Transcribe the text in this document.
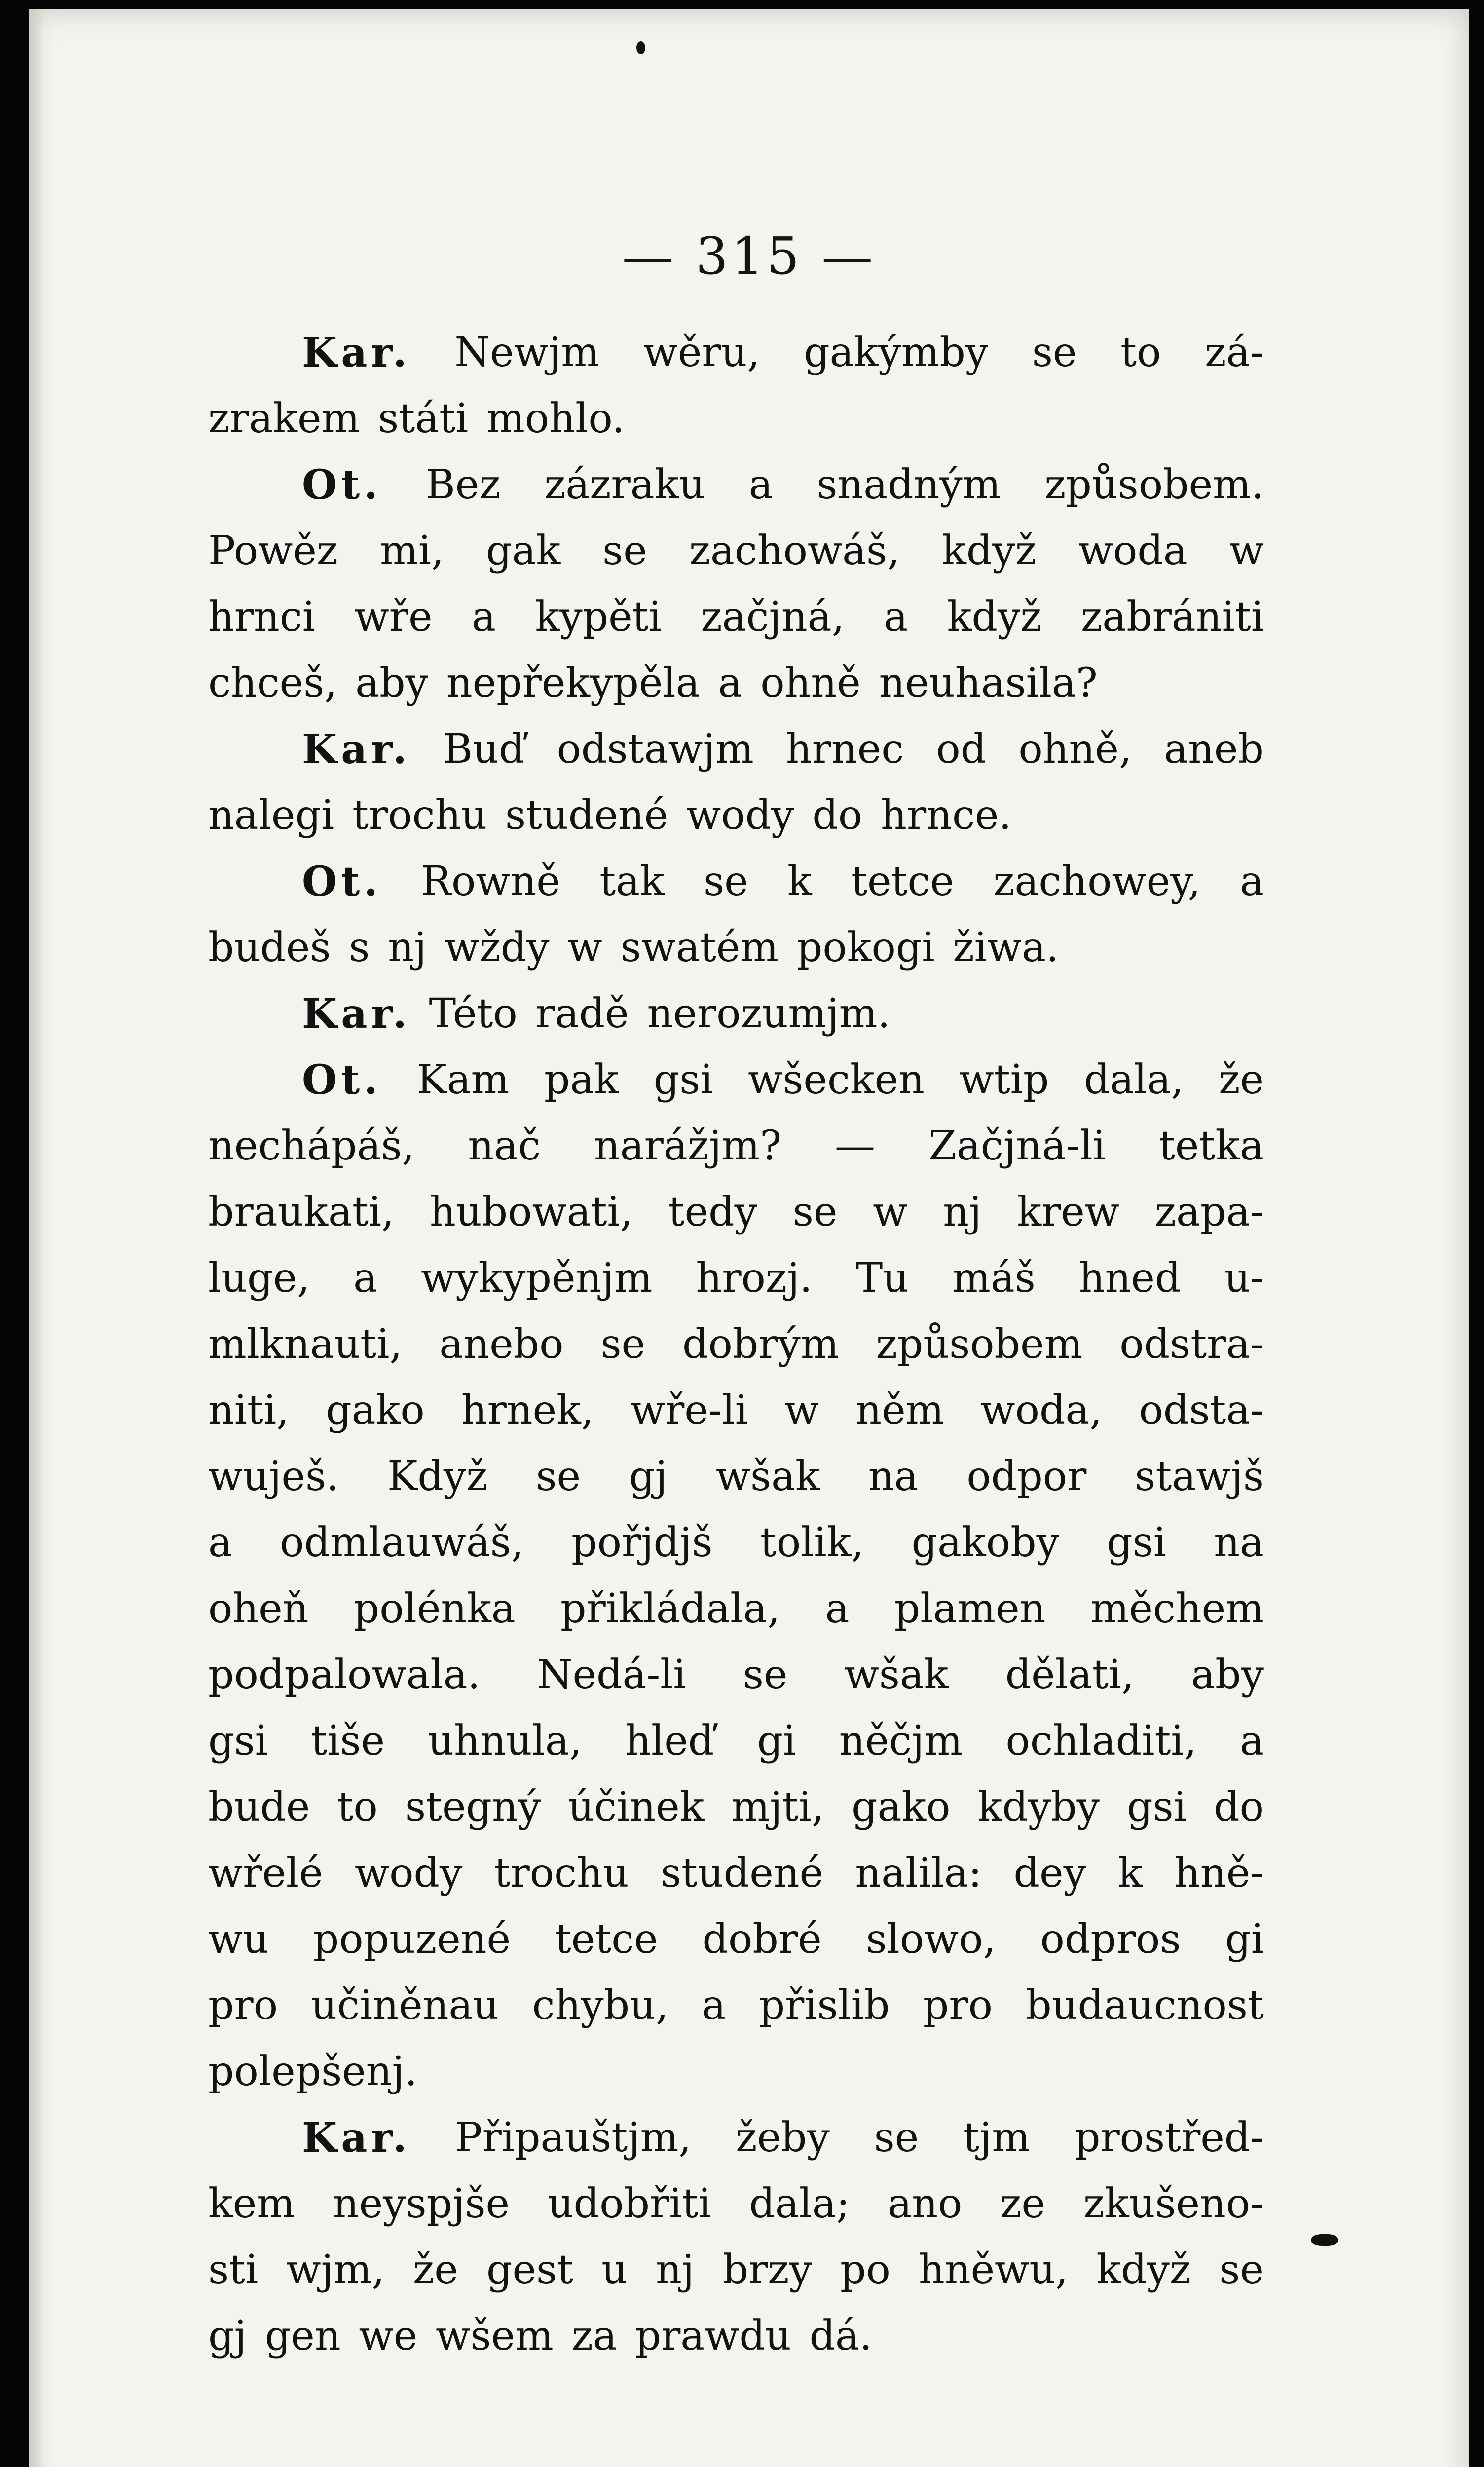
— 315 —
Kar. Newjm wěru, gakýmby se to zá-
zrakem státi mohlo.
Ot. Bez zázraku a snadným způsobem.
Powěz mi, gak se zachowáš, když woda w
hrnci wře a kypěti začjná, a když zabrániti
chceš, aby nepřekypěla a ohně neuhasila?
Kar. Buď odstawjm hrnec od ohně, aneb
nalegi trochu studené wody do hrnce.
Ot. Rowně tak se k tetce zachowey, a
budeš s nj wždy w swatém pokogi žiwa.
Kar. Této radě nerozumjm.
Ot. Kam pak gsi wšecken wtip dala, že
nechápáš, nač narážjm? — Začjná-li tetka
braukati, hubowati, tedy se w nj krew zapa-
luge, a wykypěnjm hrozj. Tu máš hned u-
mlknauti, anebo se dobrým způsobem odstra-
niti, gako hrnek, wře-li w něm woda, odsta-
wuješ. Když se gj wšak na odpor stawjš
a odmlauwáš, pořjdjš tolik, gakoby gsi na
oheň polénka přikládala, a plamen měchem
podpalowala. Nedá-li se wšak dělati, aby
gsi tiše uhnula, hleď gi něčjm ochladiti, a
bude to stegný účinek mjti, gako kdyby gsi do
wřelé wody trochu studené nalila: dey k hně-
wu popuzené tetce dobré slowo, odpros gi
pro učiněnau chybu, a přislib pro budaucnost
polepšenj.
Kar. Připauštjm, žeby se tjm prostřed-
kem neyspjše udobřiti dala; ano ze zkušeno-
sti wjm, že gest u nj brzy po hněwu, když se
gj gen we wšem za prawdu dá.
